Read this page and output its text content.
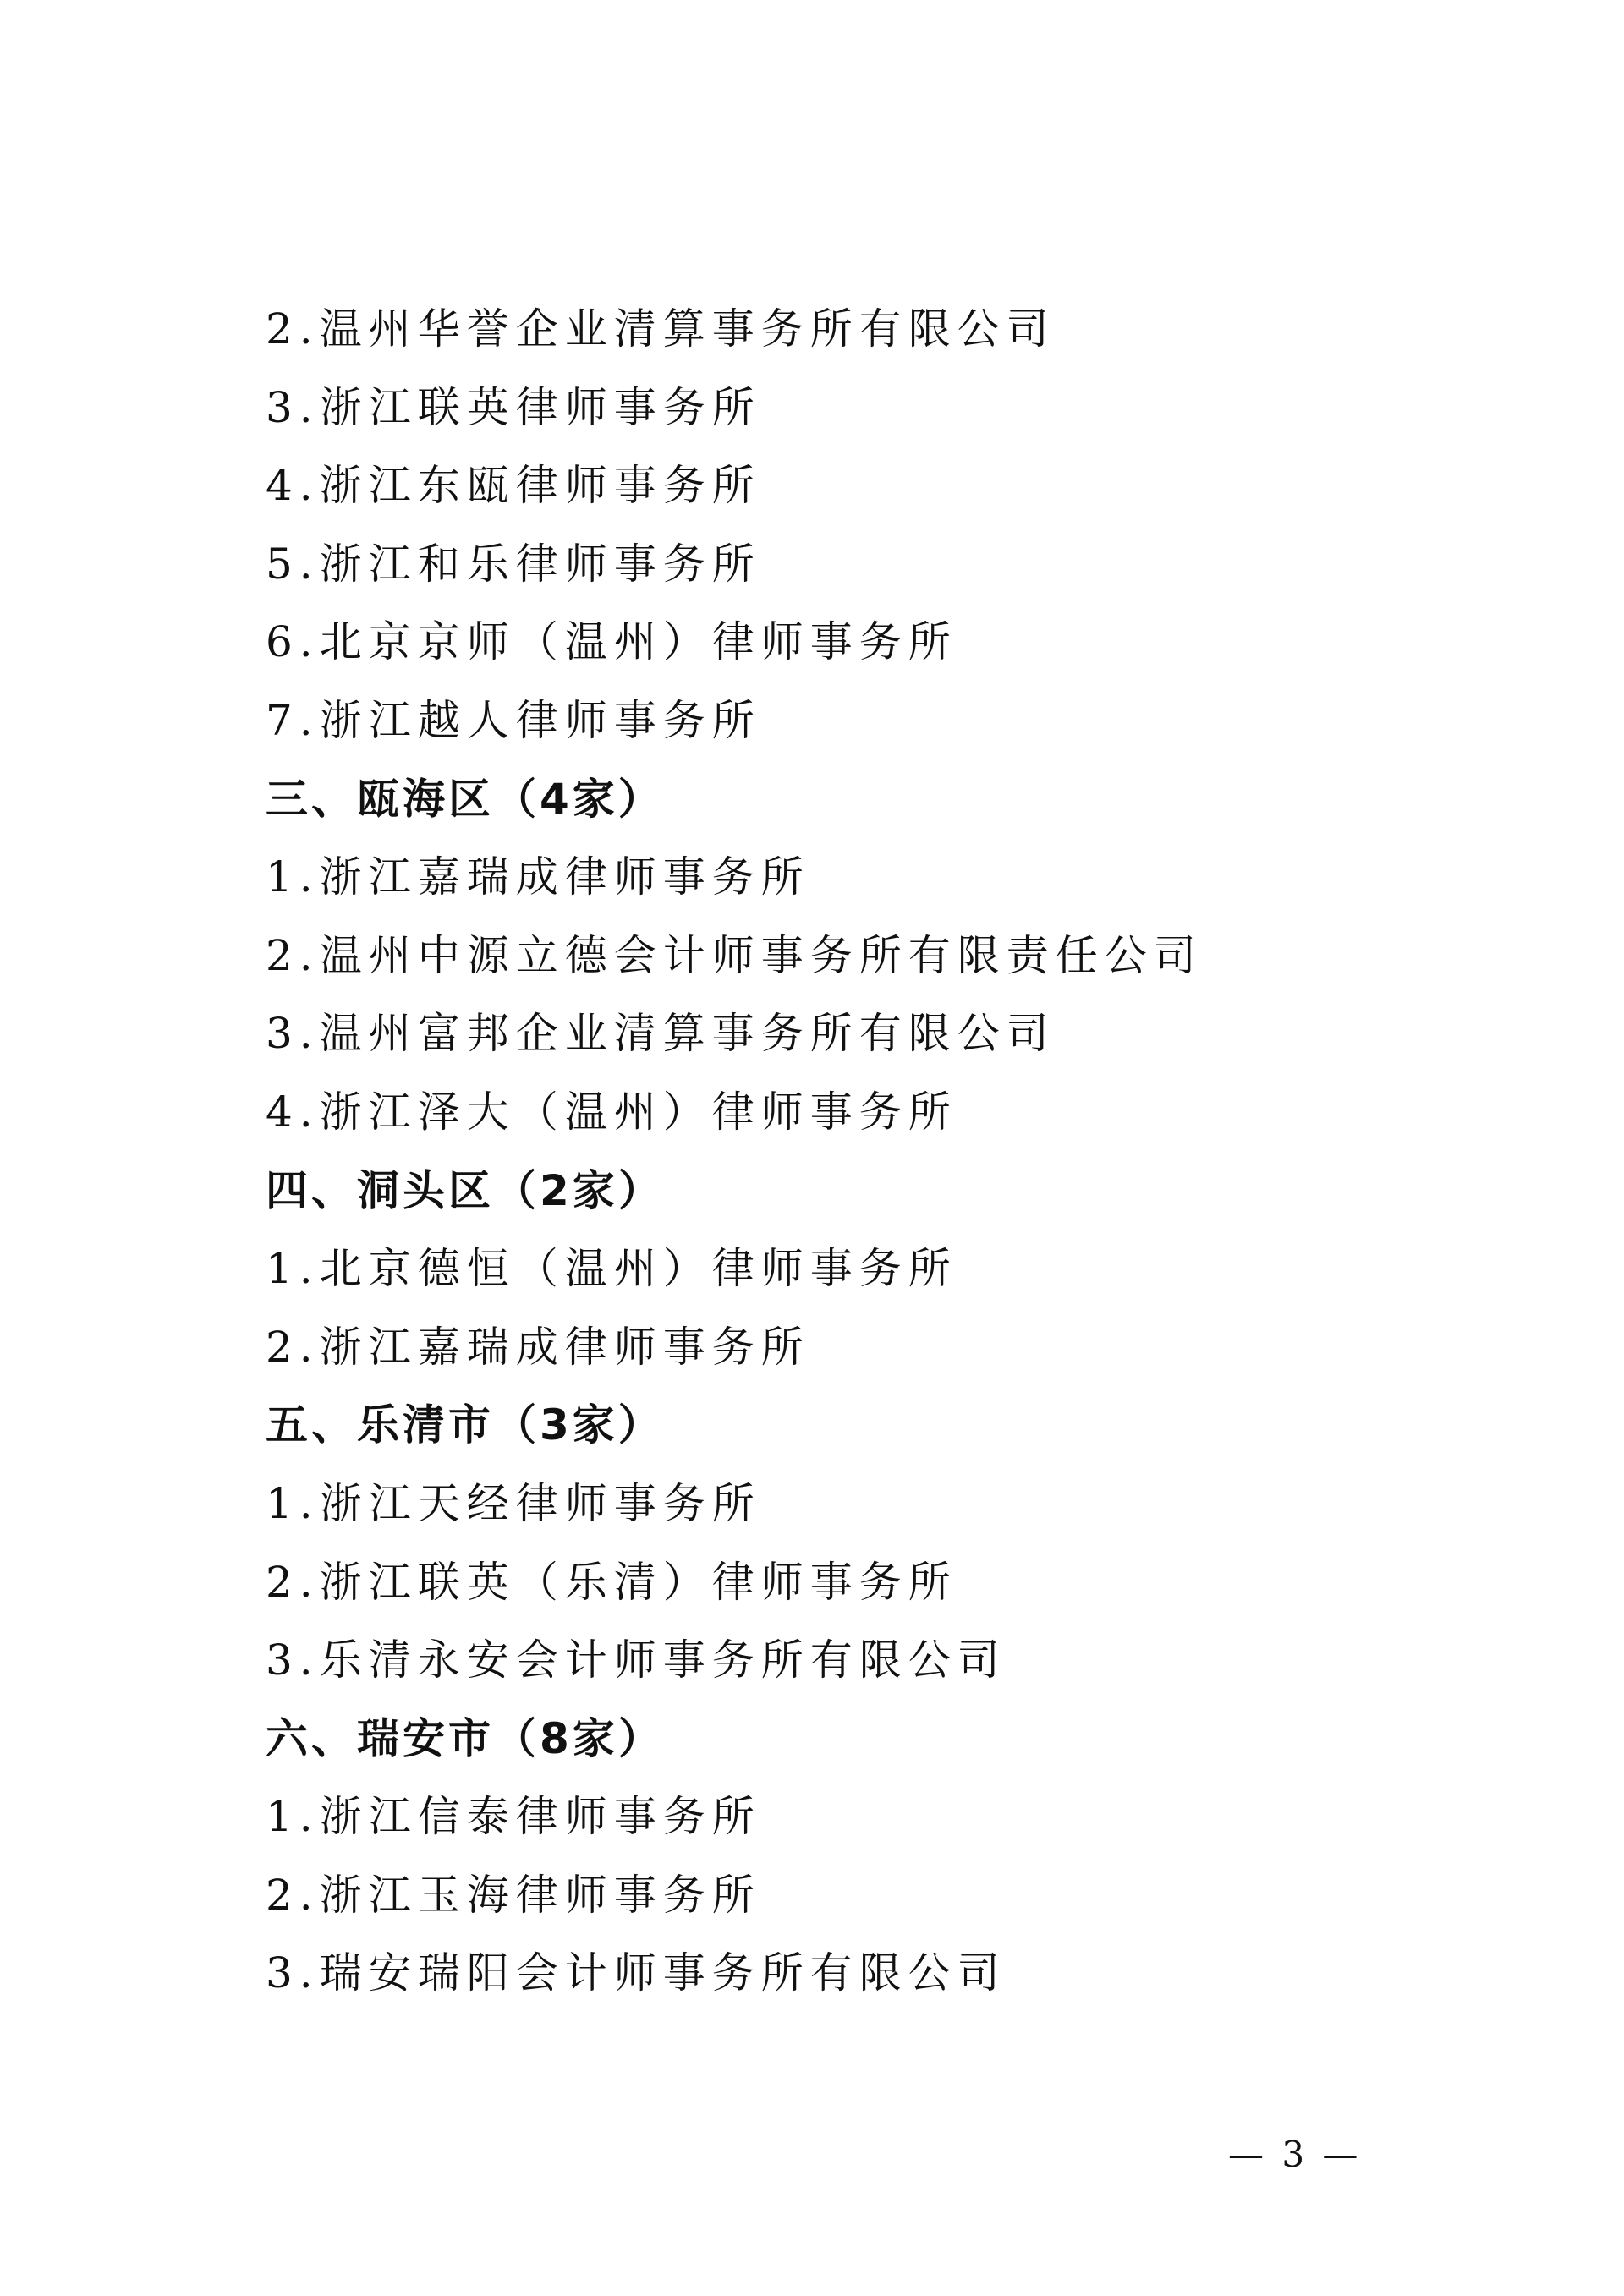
2.温州华誉企业清算事务所有限公司
3.浙江联英律师事务所
4.浙江东瓯律师事务所
5.浙江和乐律师事务所
6.北京京师（温州）律师事务所
7.浙江越人律师事务所
三、瓯海区（4家）
1.浙江嘉瑞成律师事务所
2.温州中源立德会计师事务所有限责任公司
3.温州富邦企业清算事务所有限公司
4.浙江泽大（温州）律师事务所
四、洞头区（2家）
1.北京德恒（温州）律师事务所
2.浙江嘉瑞成律师事务所
五、乐清市（3家）
1.浙江天经律师事务所
2.浙江联英（乐清）律师事务所
3.乐清永安会计师事务所有限公司
六、瑞安市（8家）
1.浙江信泰律师事务所
2.浙江玉海律师事务所
3.瑞安瑞阳会计师事务所有限公司
— 3 —
